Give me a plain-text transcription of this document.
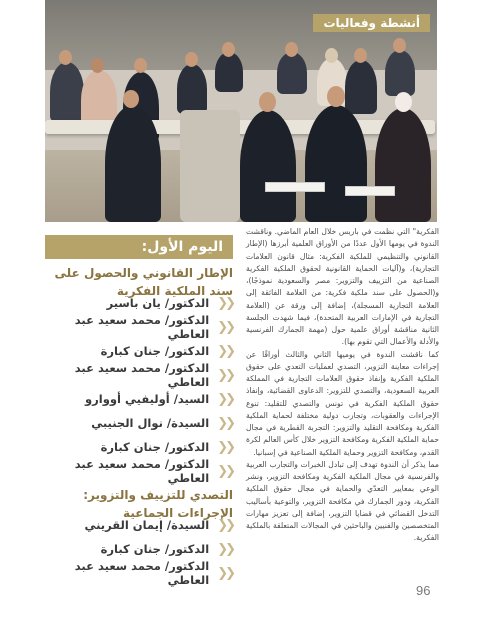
أنشطة وفعاليات
اليوم الأول:
الإطار القانوني والحصول على سند الملكية الفكرية
❮❮
الدكتور/ يان باسير
❮❮
الدكتور/ محمد سعيد عبد العاطي
❮❮
الدكتور/ جنان كبارة
❮❮
الدكتور/ محمد سعيد عبد العاطي
❮❮
السيد/ أوليفيي أووارو
❮❮
السيدة/ نوال الجنيبي
❮❮
الدكتور/ جنان كبارة
❮❮
الدكتور/ محمد سعيد عبد العاطي
التصدي للتزييف والتزوير: الإجراءات الجماعية
❮❮
السيدة/ إيمان القريني
❮❮
الدكتور/ جنان كبارة
❮❮
الدكتور/ محمد سعيد عبد العاطي

الفكرية" التي نظمت في باريس خلال العام الماضي. وناقشت الندوة في يومها الأول عددًا من الأوراق العلمية أبرزها (الإطار القانوني والتنظيمي للملكية الفكرية: مثال قانون العلامات التجارية)، و(آليات الحماية القانونية لحقوق الملكية الفكرية الصناعية من التزييف والتزوير: مصر والسعودية نموذجًا)، و(الحصول على سند ملكية فكرية: من العلامة الفائقة إلى العلامة التجارية المسجلة)، إضافة إلى ورقة عن (العلامة التجارية في الإمارات العربية المتحدة)، فيما شهدت الجلسة الثانية مناقشة أوراق علمية حول (مهمة الجمارك الفرنسية والأدلة والأعمال التي تقوم بها).

كما ناقشت الندوة في يوميها الثاني والثالث أوراقًا عن إجراءات معاينة التزوير، التصدي لعمليات التعدي على حقوق الملكية الفكرية وإنفاذ حقوق العلامات التجارية في المملكة العربية السعودية، والتصدي للتزوير: الدعاوى القضائية، وإنفاذ حقوق الملكية الفكرية في تونس والتصدي للتقليد: تنوع الإجراءات والعقوبات، وتجارب دولية مختلفة لحماية الملكية الفكرية ومكافحة التقليد والتزوير: التجربة القطرية في مجال حماية الملكية الفكرية ومكافحة التزوير خلال كأس العالم لكرة القدم، ومكافحة التزوير وحماية الملكية الصناعية في إسبانيا.

مما يذكر أن الندوة تهدف إلى تبادل الخبرات والتجارب العربية والفرنسية في مجال الملكية الفكرية ومكافحة التزوير، ونشر الوعي بمعايير التعدّي والحماية في مجال حقوق الملكية الفكرية، ودور الجمارك في مكافحة التزوير، والتوعية بأساليب التدخل القضائي في قضايا التزوير، إضافة إلى تعزيز مهارات المتخصصين والفنيين والباحثين في المجالات المتعلقة بالملكية الفكرية.

96
